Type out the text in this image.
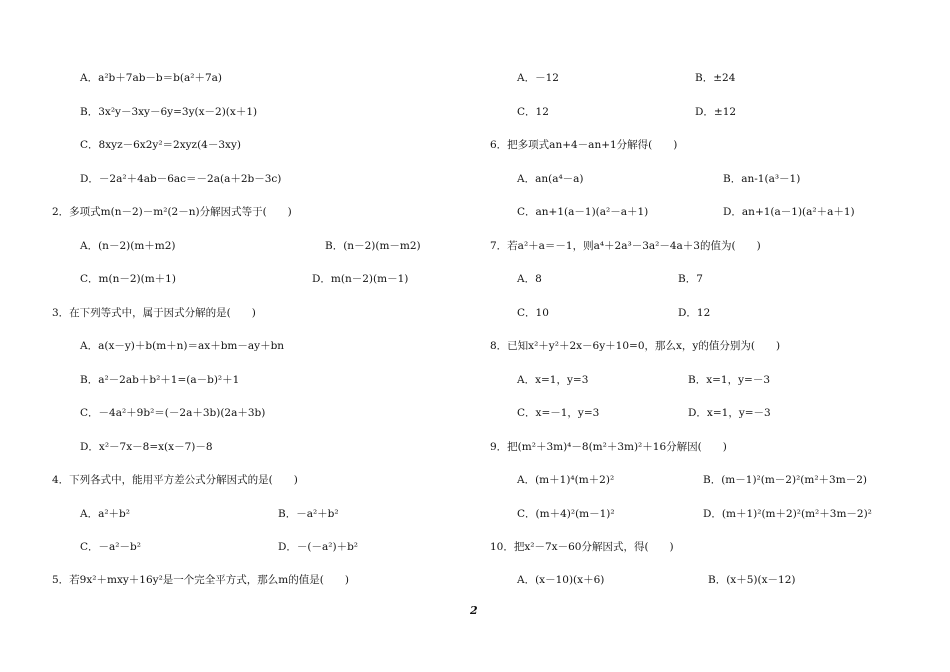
A．a²b＋7ab－b＝b(a²＋7a)
B．3x²y－3xy－6y=3y(x－2)(x＋1)
C．8xyz－6x2y²＝2xyz(4－3xy)
D．－2a²＋4ab－6ac＝－2a(a＋2b－3c)
2．多项式m(n－2)－m²(2－n)分解因式等于(　　)
A．(n－2)(m＋m2)	B．(n－2)(m－m2)
C．m(n－2)(m＋1)	D．m(n－2)(m－1)
3．在下列等式中，属于因式分解的是(　　)
A．a(x－y)＋b(m＋n)＝ax＋bm－ay＋bn
B．a²－2ab＋b²＋1=(a－b)²＋1
C．－4a²＋9b²＝(－2a＋3b)(2a＋3b)
D．x²－7x－8=x(x－7)－8
4．下列各式中，能用平方差公式分解因式的是(　　)
A．a²＋b²	B．－a²＋b²
C．－a²－b²	D．－(－a²)＋b²
5．若9x²＋mxy＋16y²是一个完全平方式，那么m的值是(　　)
A．－12	B．±24
C．12	D．±12
6．把多项式an+4－an+1分解得(　　)
A．an(a⁴－a)	B．an-1(a³－1)
C．an+1(a－1)(a²－a＋1)	D．an+1(a－1)(a²＋a＋1)
7．若a²＋a＝－1，则a⁴＋2a³－3a²－4a＋3的值为(　　)
A．8	B．7
C．10	D．12
8．已知x²＋y²＋2x－6y＋10=0，那么x，y的值分别为(　　)
A．x=1，y=3	B．x=1，y=－3
C．x=－1，y=3	D．x=1，y=－3
9．把(m²＋3m)⁴－8(m²＋3m)²＋16分解因(　　)
A．(m＋1)⁴(m＋2)²	B．(m－1)²(m－2)²(m²＋3m－2)
C．(m＋4)²(m－1)²	D．(m＋1)²(m＋2)²(m²＋3m－2)²
10．把x²－7x－60分解因式，得(　　)
A．(x－10)(x＋6)	B．(x＋5)(x－12)
2
